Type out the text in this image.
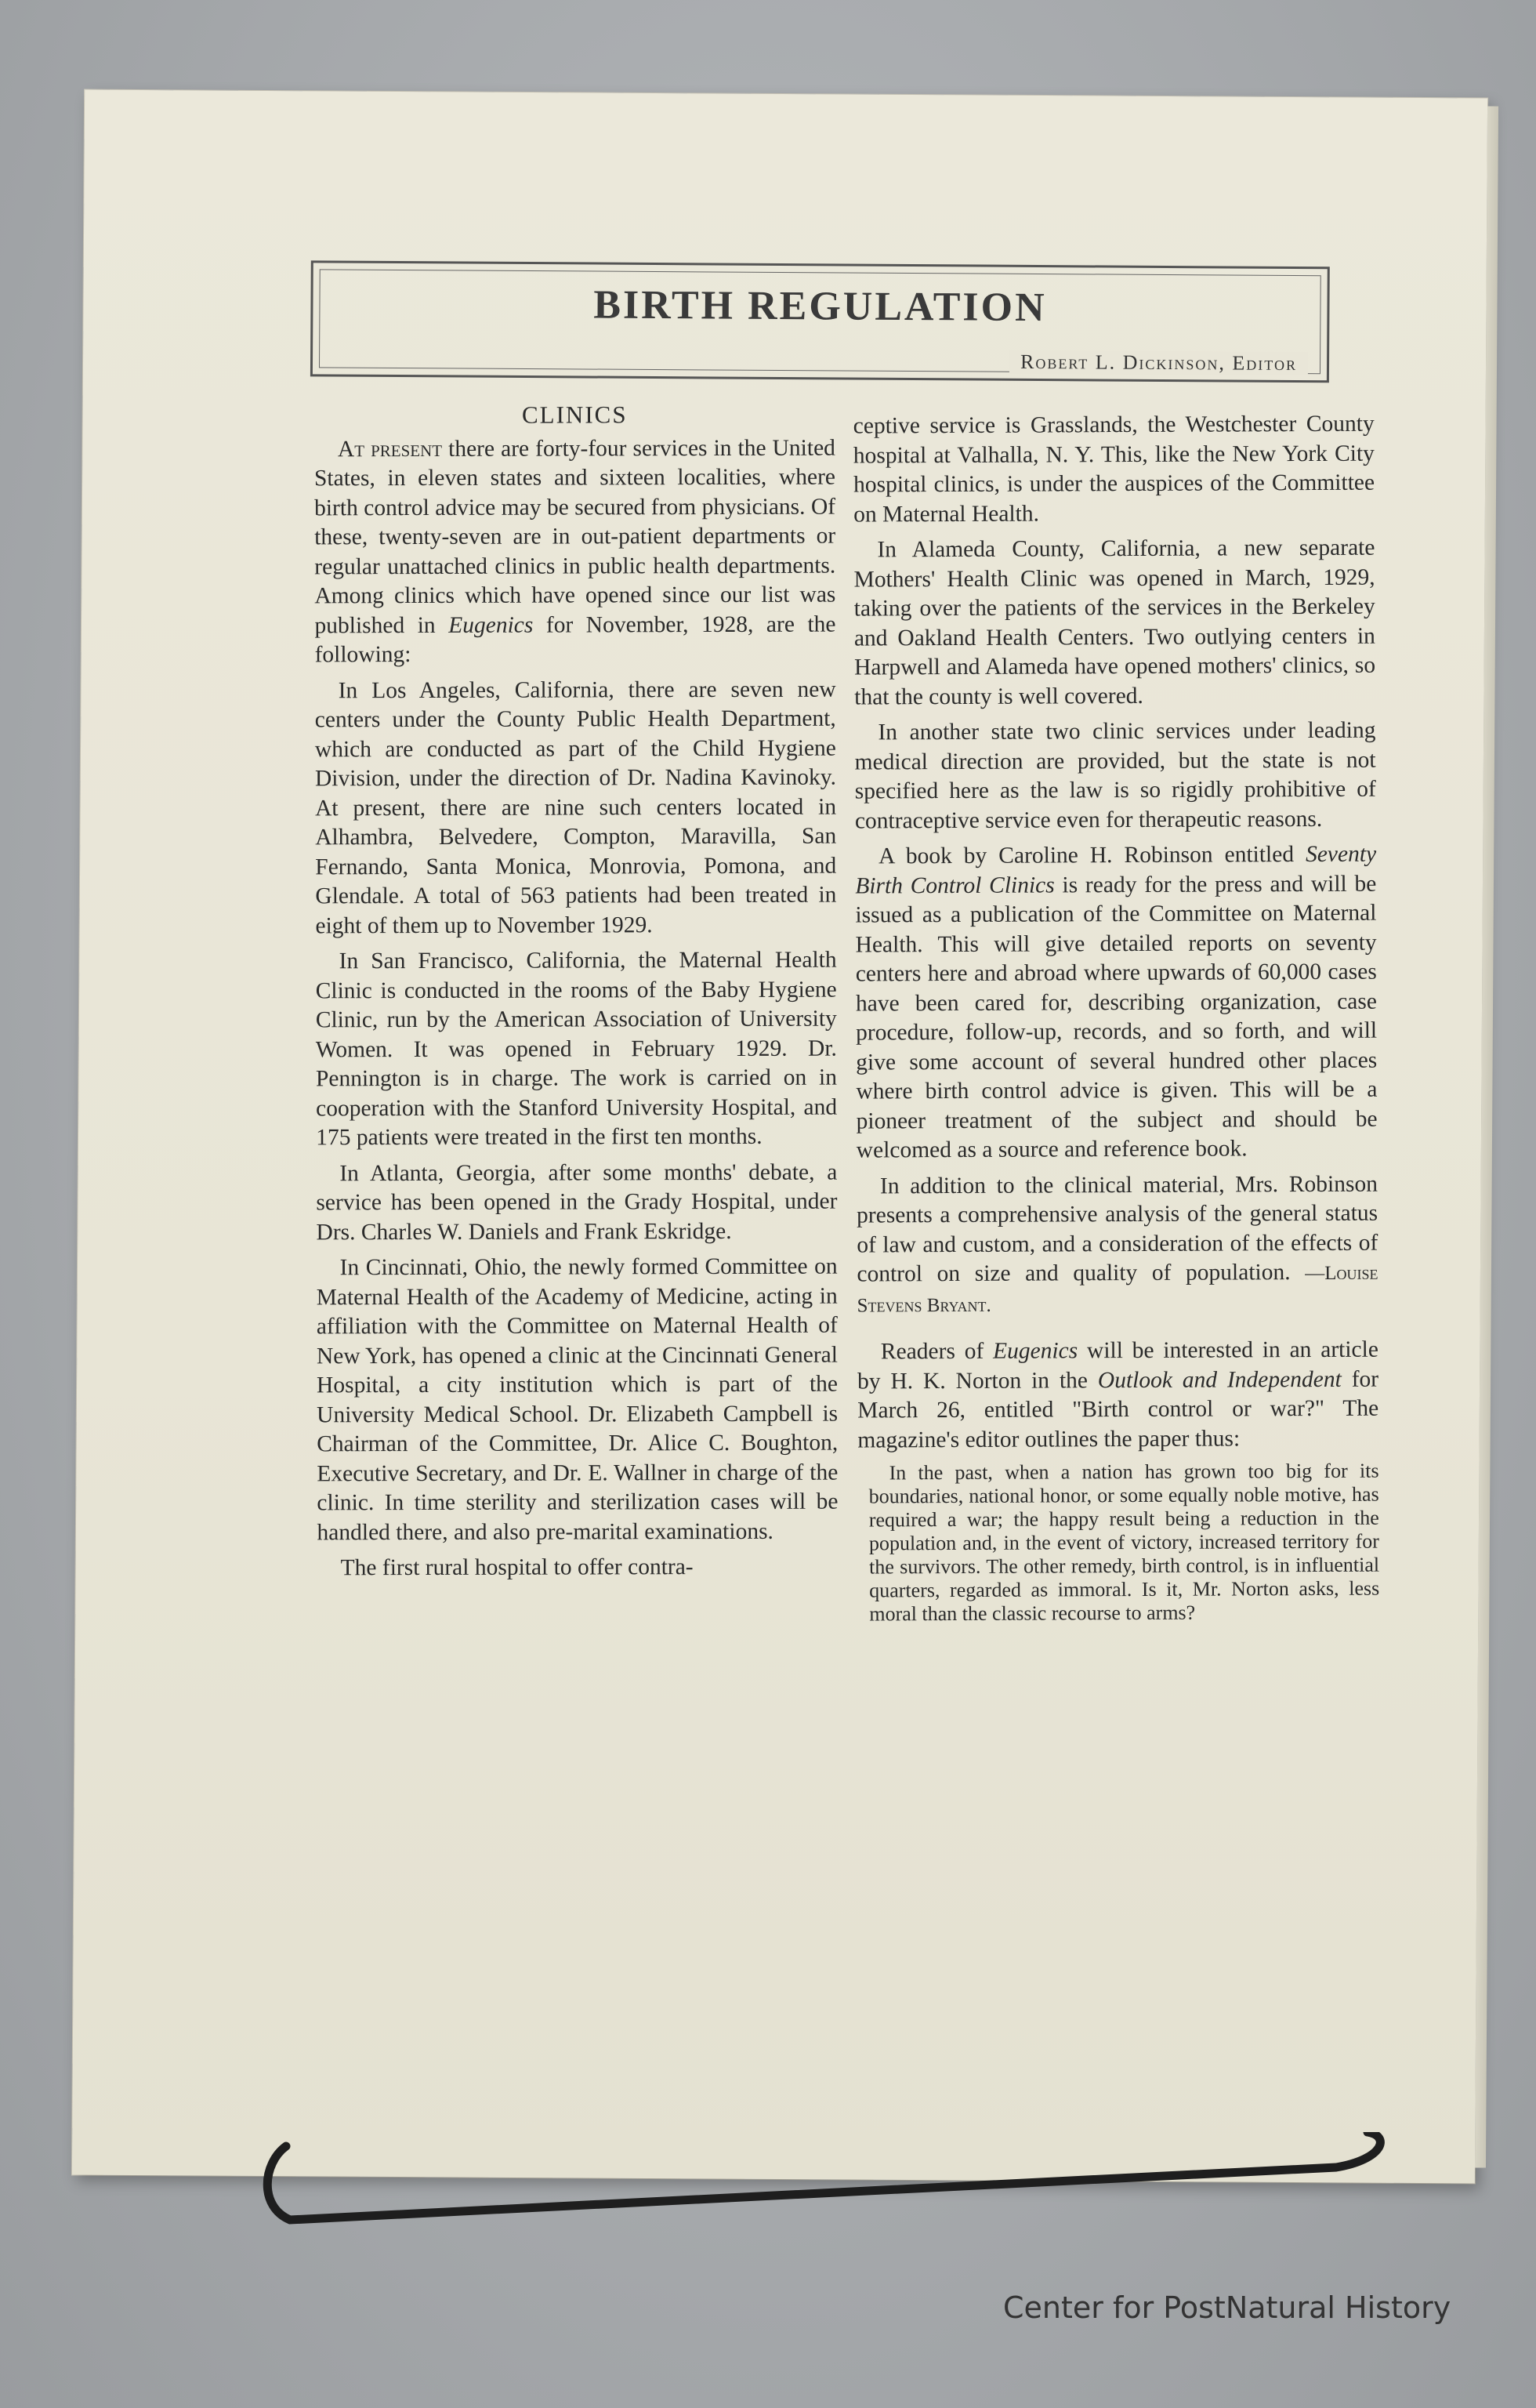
BIRTH REGULATION
Robert L. Dickinson, Editor
CLINICS

At present there are forty-four services in the United States, in eleven states and sixteen localities, where birth control advice may be secured from physicians. Of these, twenty-seven are in out-patient departments or regular unattached clinics in public health departments. Among clinics which have opened since our list was published in Eugenics for November, 1928, are the following:

In Los Angeles, California, there are seven new centers under the County Public Health Department, which are conducted as part of the Child Hygiene Division, under the direction of Dr. Nadina Kavinoky. At present, there are nine such centers located in Alhambra, Belvedere, Compton, Maravilla, San Fernando, Santa Monica, Monrovia, Pomona, and Glendale. A total of 563 patients had been treated in eight of them up to November 1929.

In San Francisco, California, the Maternal Health Clinic is conducted in the rooms of the Baby Hygiene Clinic, run by the American Association of University Women. It was opened in February 1929. Dr. Pennington is in charge. The work is carried on in cooperation with the Stanford University Hospital, and 175 patients were treated in the first ten months.

In Atlanta, Georgia, after some months' debate, a service has been opened in the Grady Hospital, under Drs. Charles W. Daniels and Frank Eskridge.

In Cincinnati, Ohio, the newly formed Committee on Maternal Health of the Academy of Medicine, acting in affiliation with the Committee on Maternal Health of New York, has opened a clinic at the Cincinnati General Hospital, a city institution which is part of the University Medical School. Dr. Elizabeth Campbell is Chairman of the Committee, Dr. Alice C. Boughton, Executive Secretary, and Dr. E. Wallner in charge of the clinic. In time sterility and sterilization cases will be handled there, and also pre-marital examinations.

The first rural hospital to offer contra-

ceptive service is Grasslands, the Westchester County hospital at Valhalla, N. Y. This, like the New York City hospital clinics, is under the auspices of the Committee on Maternal Health.

In Alameda County, California, a new separate Mothers' Health Clinic was opened in March, 1929, taking over the patients of the services in the Berkeley and Oakland Health Centers. Two outlying centers in Harpwell and Alameda have opened mothers' clinics, so that the county is well covered.

In another state two clinic services under leading medical direction are provided, but the state is not specified here as the law is so rigidly prohibitive of contraceptive service even for therapeutic reasons.

A book by Caroline H. Robinson entitled Seventy Birth Control Clinics is ready for the press and will be issued as a publication of the Committee on Maternal Health. This will give detailed reports on seventy centers here and abroad where upwards of 60,000 cases have been cared for, describing organization, case procedure, follow-up, records, and so forth, and will give some account of several hundred other places where birth control advice is given. This will be a pioneer treatment of the subject and should be welcomed as a source and reference book.

In addition to the clinical material, Mrs. Robinson presents a comprehensive analysis of the general status of law and custom, and a consideration of the effects of control on size and quality of population. —Louise Stevens Bryant.

Readers of Eugenics will be interested in an article by H. K. Norton in the Outlook and Independent for March 26, entitled "Birth control or war?" The magazine's editor outlines the paper thus:

In the past, when a nation has grown too big for its boundaries, national honor, or some equally noble motive, has required a war; the happy result being a reduction in the population and, in the event of victory, increased territory for the survivors. The other remedy, birth control, is in influential quarters, regarded as immoral. Is it, Mr. Norton asks, less moral than the classic recourse to arms?

Center for PostNatural History
